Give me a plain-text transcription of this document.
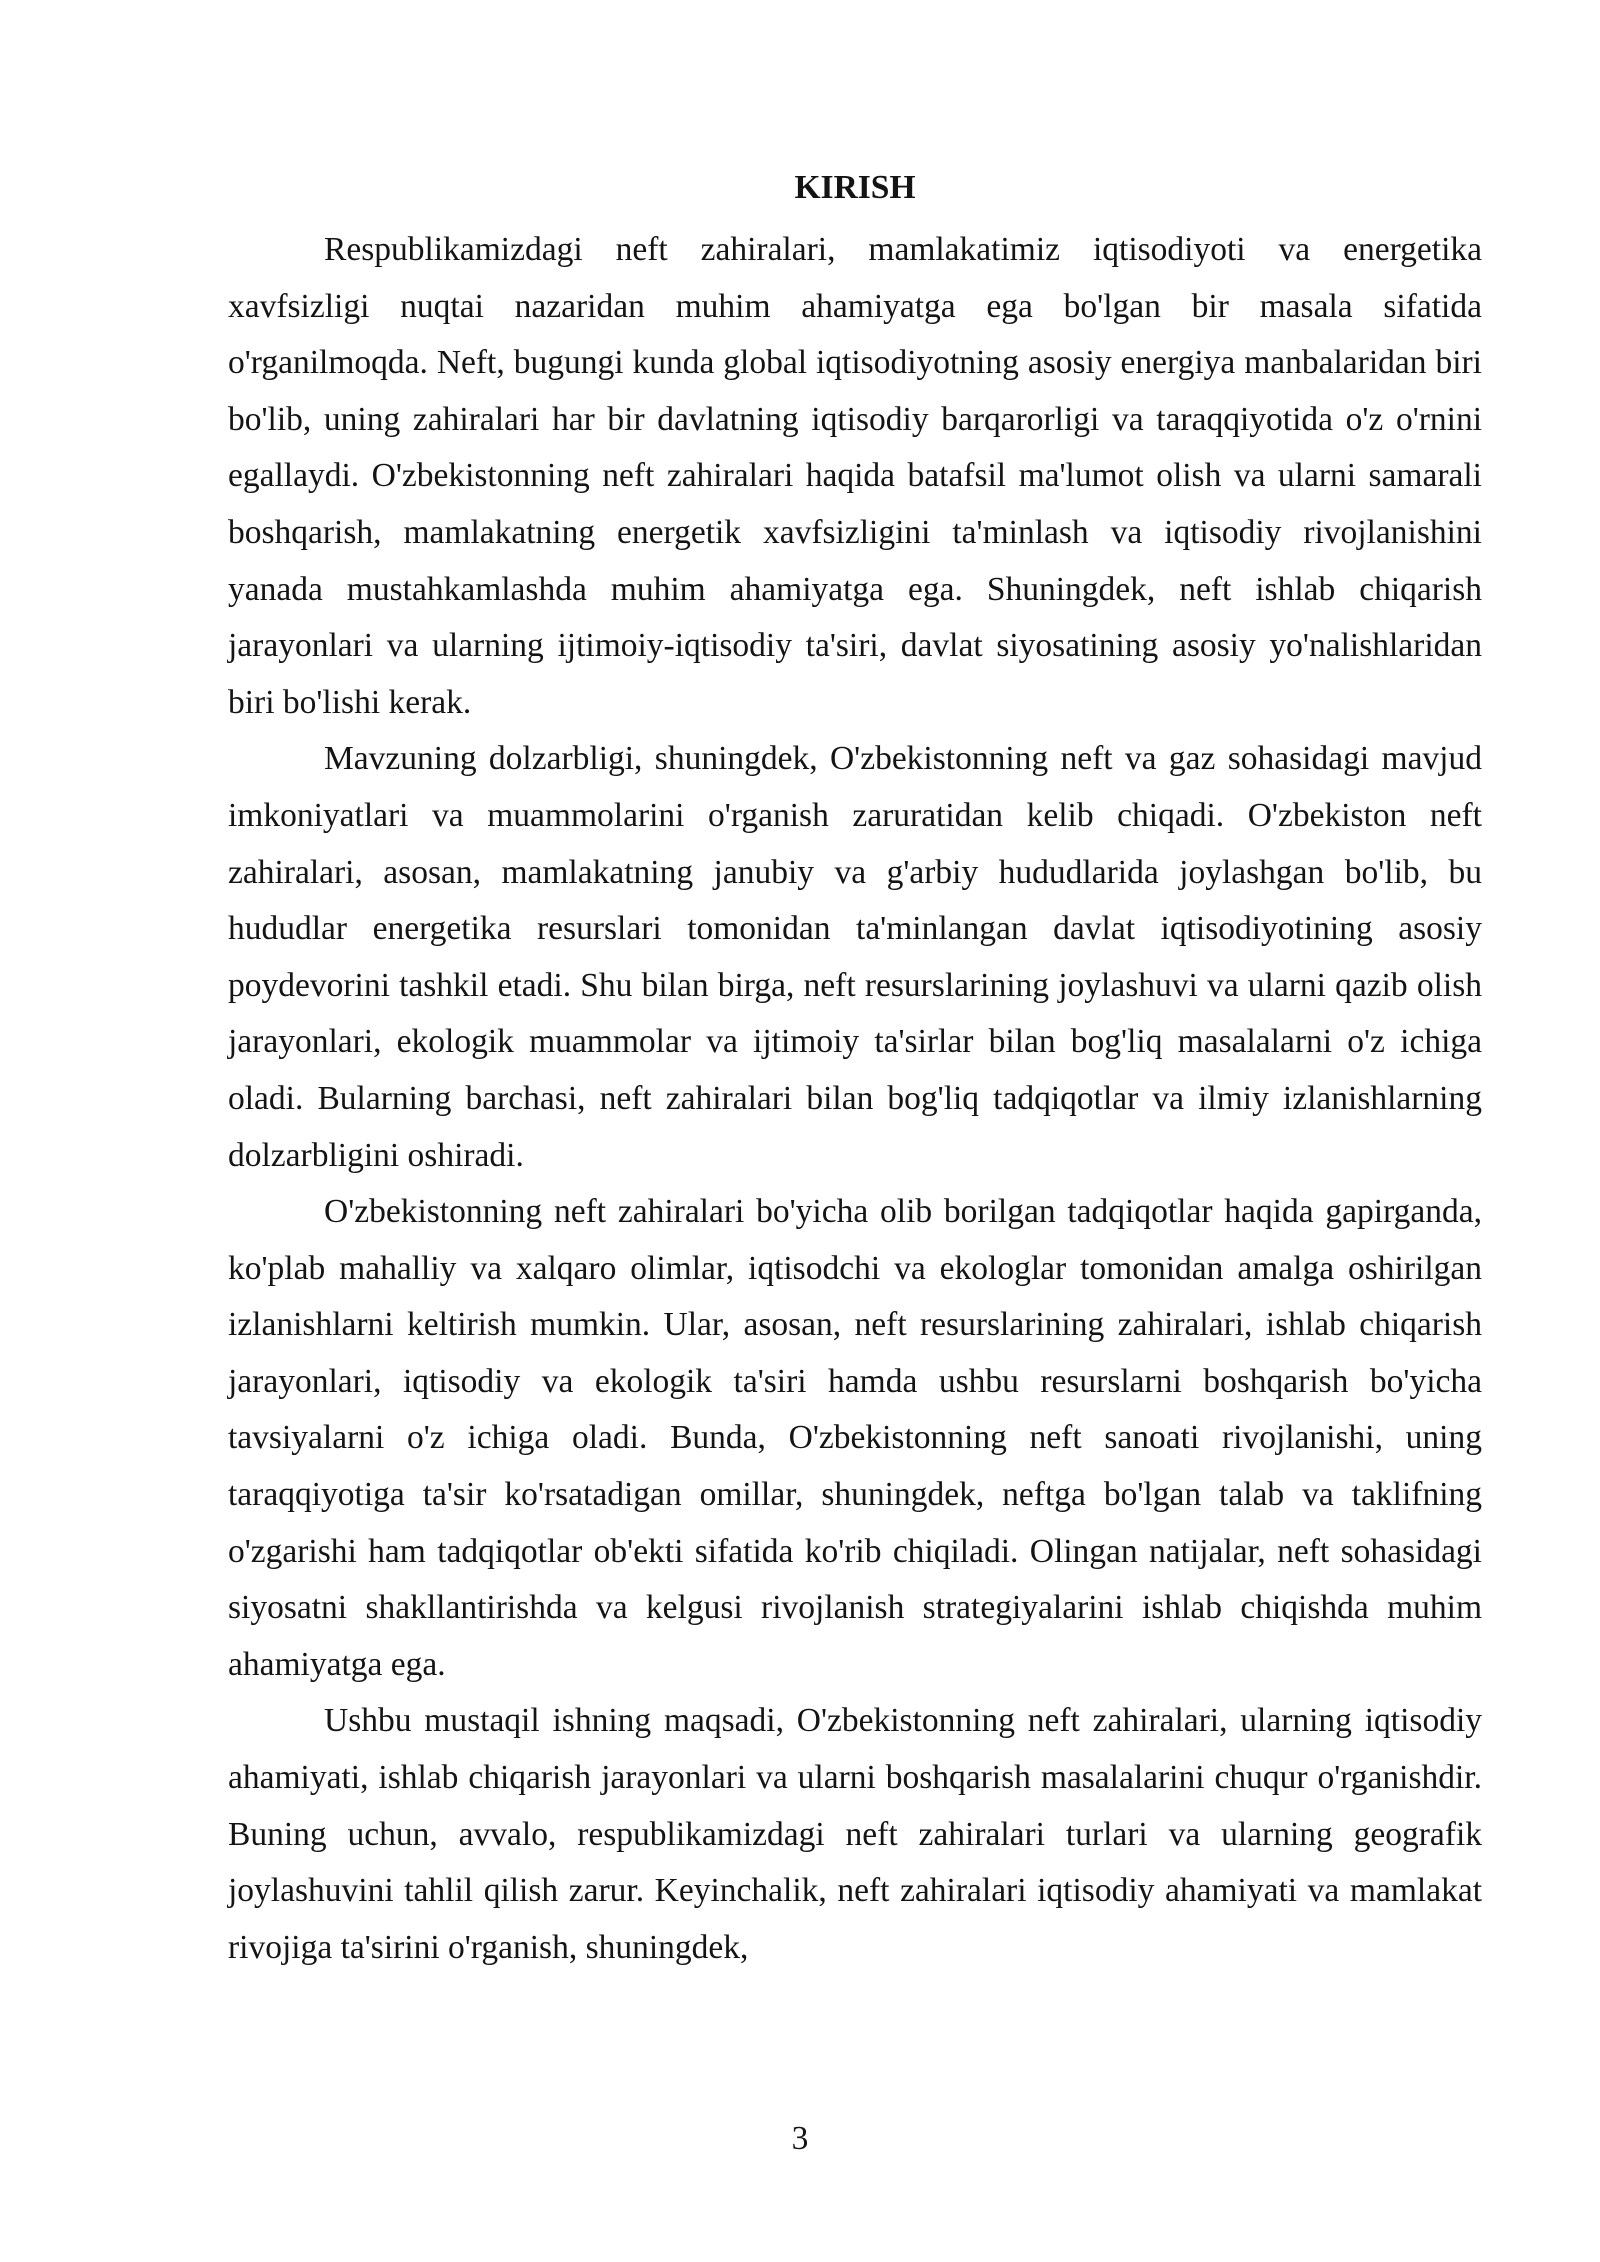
KIRISH

Respublikamizdagi neft zahiralari, mamlakatimiz iqtisodiyoti va energetika xavfsizligi nuqtai nazaridan muhim ahamiyatga ega bo'lgan bir masala sifatida o'rganilmoqda. Neft, bugungi kunda global iqtisodiyotning asosiy energiya manbalaridan biri bo'lib, uning zahiralari har bir davlatning iqtisodiy barqarorligi va taraqqiyotida o'z o'rnini egallaydi. O'zbekistonning neft zahiralari haqida batafsil ma'lumot olish va ularni samarali boshqarish, mamlakatning energetik xavfsizligini ta'minlash va iqtisodiy rivojlanishini yanada mustahkamlashda muhim ahamiyatga ega. Shuningdek, neft ishlab chiqarish jarayonlari va ularning ijtimoiy-iqtisodiy ta'siri, davlat siyosatining asosiy yo'nalishlaridan biri bo'lishi kerak.

Mavzuning dolzarbligi, shuningdek, O'zbekistonning neft va gaz sohasidagi mavjud imkoniyatlari va muammolarini o'rganish zaruratidan kelib chiqadi. O'zbekiston neft zahiralari, asosan, mamlakatning janubiy va g'arbiy hududlarida joylashgan bo'lib, bu hududlar energetika resurslari tomonidan ta'minlangan davlat iqtisodiyotining asosiy poydevorini tashkil etadi. Shu bilan birga, neft resurslarining joylashuvi va ularni qazib olish jarayonlari, ekologik muammolar va ijtimoiy ta'sirlar bilan bog'liq masalalarni o'z ichiga oladi. Bularning barchasi, neft zahiralari bilan bog'liq tadqiqotlar va ilmiy izlanishlarning dolzarbligini oshiradi.

O'zbekistonning neft zahiralari bo'yicha olib borilgan tadqiqotlar haqida gapirganda, ko'plab mahalliy va xalqaro olimlar, iqtisodchi va ekologlar tomonidan amalga oshirilgan izlanishlarni keltirish mumkin. Ular, asosan, neft resurslarining zahiralari, ishlab chiqarish jarayonlari, iqtisodiy va ekologik ta'siri hamda ushbu resurslarni boshqarish bo'yicha tavsiyalarni o'z ichiga oladi. Bunda, O'zbekistonning neft sanoati rivojlanishi, uning taraqqiyotiga ta'sir ko'rsatadigan omillar, shuningdek, neftga bo'lgan talab va taklifning o'zgarishi ham tadqiqotlar ob'ekti sifatida ko'rib chiqiladi. Olingan natijalar, neft sohasidagi siyosatni shakllantirishda va kelgusi rivojlanish strategiyalarini ishlab chiqishda muhim ahamiyatga ega.

Ushbu mustaqil ishning maqsadi, O'zbekistonning neft zahiralari, ularning iqtisodiy ahamiyati, ishlab chiqarish jarayonlari va ularni boshqarish masalalarini chuqur o'rganishdir. Buning uchun, avvalo, respublikamizdagi neft zahiralari turlari va ularning geografik joylashuvini tahlil qilish zarur. Keyinchalik, neft zahiralari iqtisodiy ahamiyati va mamlakat rivojiga ta'sirini o'rganish, shuningdek,

3
